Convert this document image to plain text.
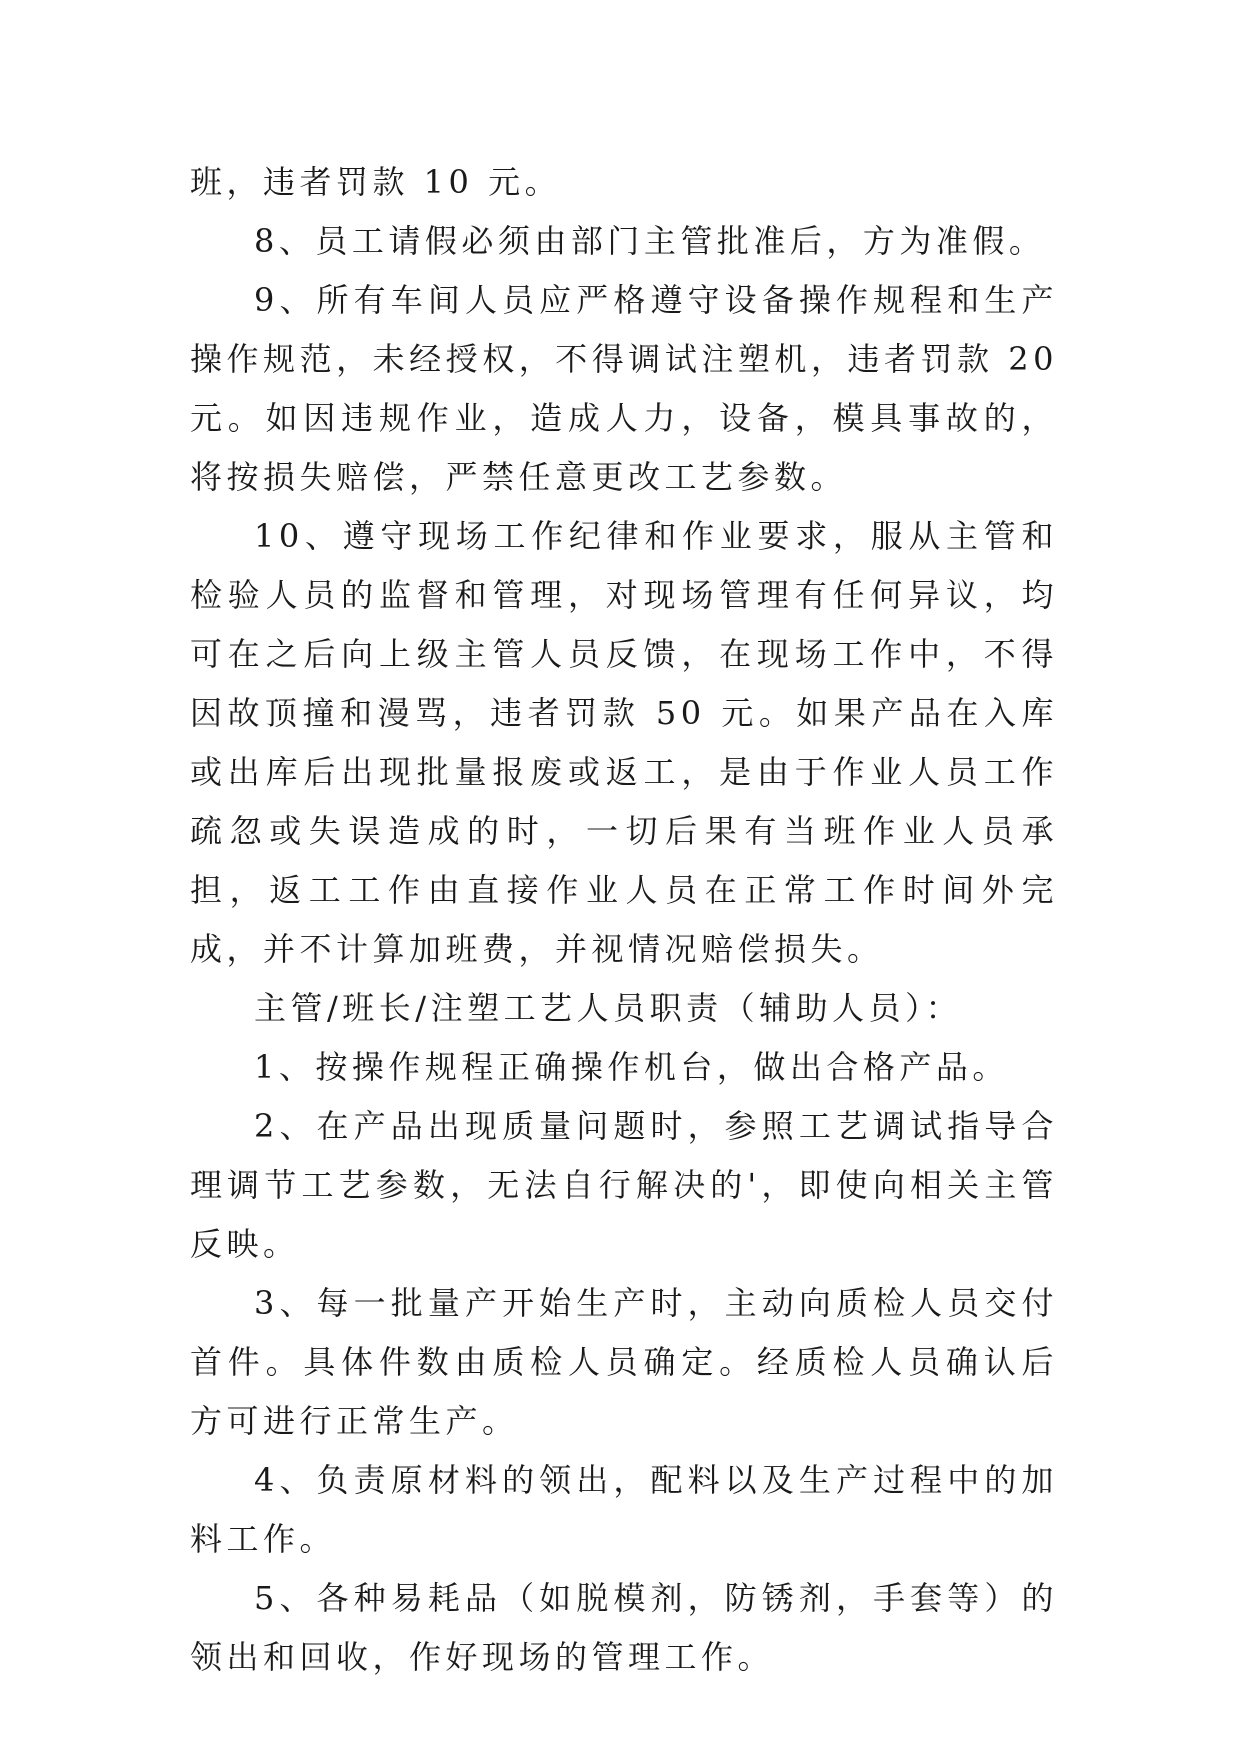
班，违者罚款 10 元。

8、员工请假必须由部门主管批准后，方为准假。

9、所有车间人员应严格遵守设备操作规程和生产操作规范，未经授权，不得调试注塑机，违者罚款 20 元。如因违规作业，造成人力，设备，模具事故的，将按损失赔偿，严禁任意更改工艺参数。

10、遵守现场工作纪律和作业要求，服从主管和检验人员的监督和管理，对现场管理有任何异议，均可在之后向上级主管人员反馈，在现场工作中，不得因故顶撞和漫骂，违者罚款 50 元。如果产品在入库或出库后出现批量报废或返工，是由于作业人员工作疏忽或失误造成的时，一切后果有当班作业人员承担，返工工作由直接作业人员在正常工作时间外完成，并不计算加班费，并视情况赔偿损失。

主管/班长/注塑工艺人员职责（辅助人员）：

1、按操作规程正确操作机台，做出合格产品。

2、在产品出现质量问题时，参照工艺调试指导合理调节工艺参数，无法自行解决的'，即使向相关主管反映。

3、每一批量产开始生产时，主动向质检人员交付首件。具体件数由质检人员确定。经质检人员确认后方可进行正常生产。

4、负责原材料的领出，配料以及生产过程中的加料工作。

5、各种易耗品（如脱模剂，防锈剂，手套等）的领出和回收，作好现场的管理工作。
